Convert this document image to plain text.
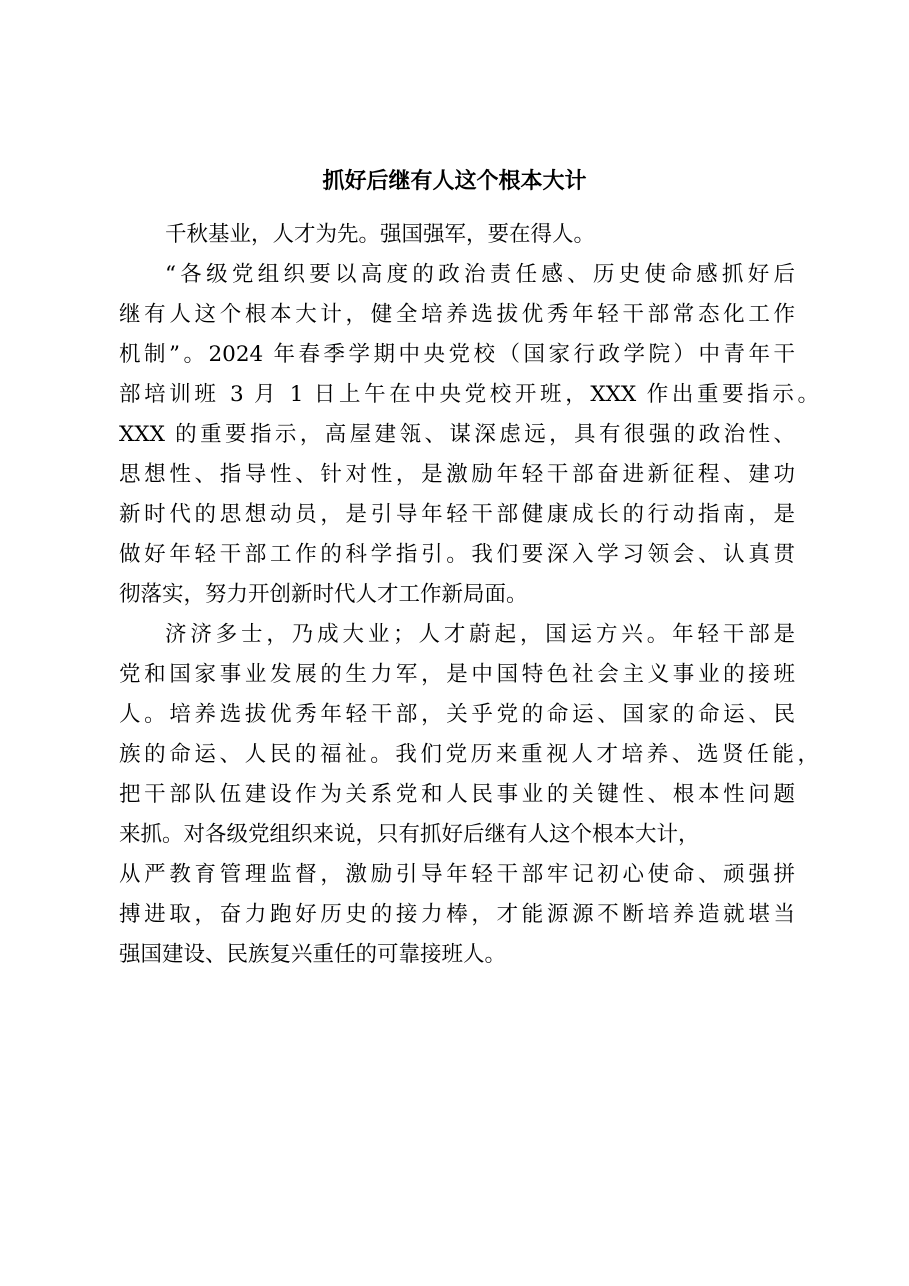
抓好后继有人这个根本大计
千秋基业，人才为先。强国强军，要在得人。
“各级党组织要以高度的政治责任感、历史使命感抓好后
继有人这个根本大计，健全培养选拔优秀年轻干部常态化工作
机制”。2024 年春季学期中央党校（国家行政学院）中青年干
部培训班 3 月 1 日上午在中央党校开班，XXX 作出重要指示。
XXX 的重要指示，高屋建瓴、谋深虑远，具有很强的政治性、
思想性、指导性、针对性，是激励年轻干部奋进新征程、建功
新时代的思想动员，是引导年轻干部健康成长的行动指南，是
做好年轻干部工作的科学指引。我们要深入学习领会、认真贯
彻落实，努力开创新时代人才工作新局面。
济济多士，乃成大业；人才蔚起，国运方兴。年轻干部是
党和国家事业发展的生力军，是中国特色社会主义事业的接班
人。培养选拔优秀年轻干部，关乎党的命运、国家的命运、民
族的命运、人民的福祉。我们党历来重视人才培养、选贤任能，
把干部队伍建设作为关系党和人民事业的关键性、根本性问题
来抓。对各级党组织来说，只有抓好后继有人这个根本大计，
从严教育管理监督，激励引导年轻干部牢记初心使命、顽强拼
搏进取，奋力跑好历史的接力棒，才能源源不断培养造就堪当
强国建设、民族复兴重任的可靠接班人。
